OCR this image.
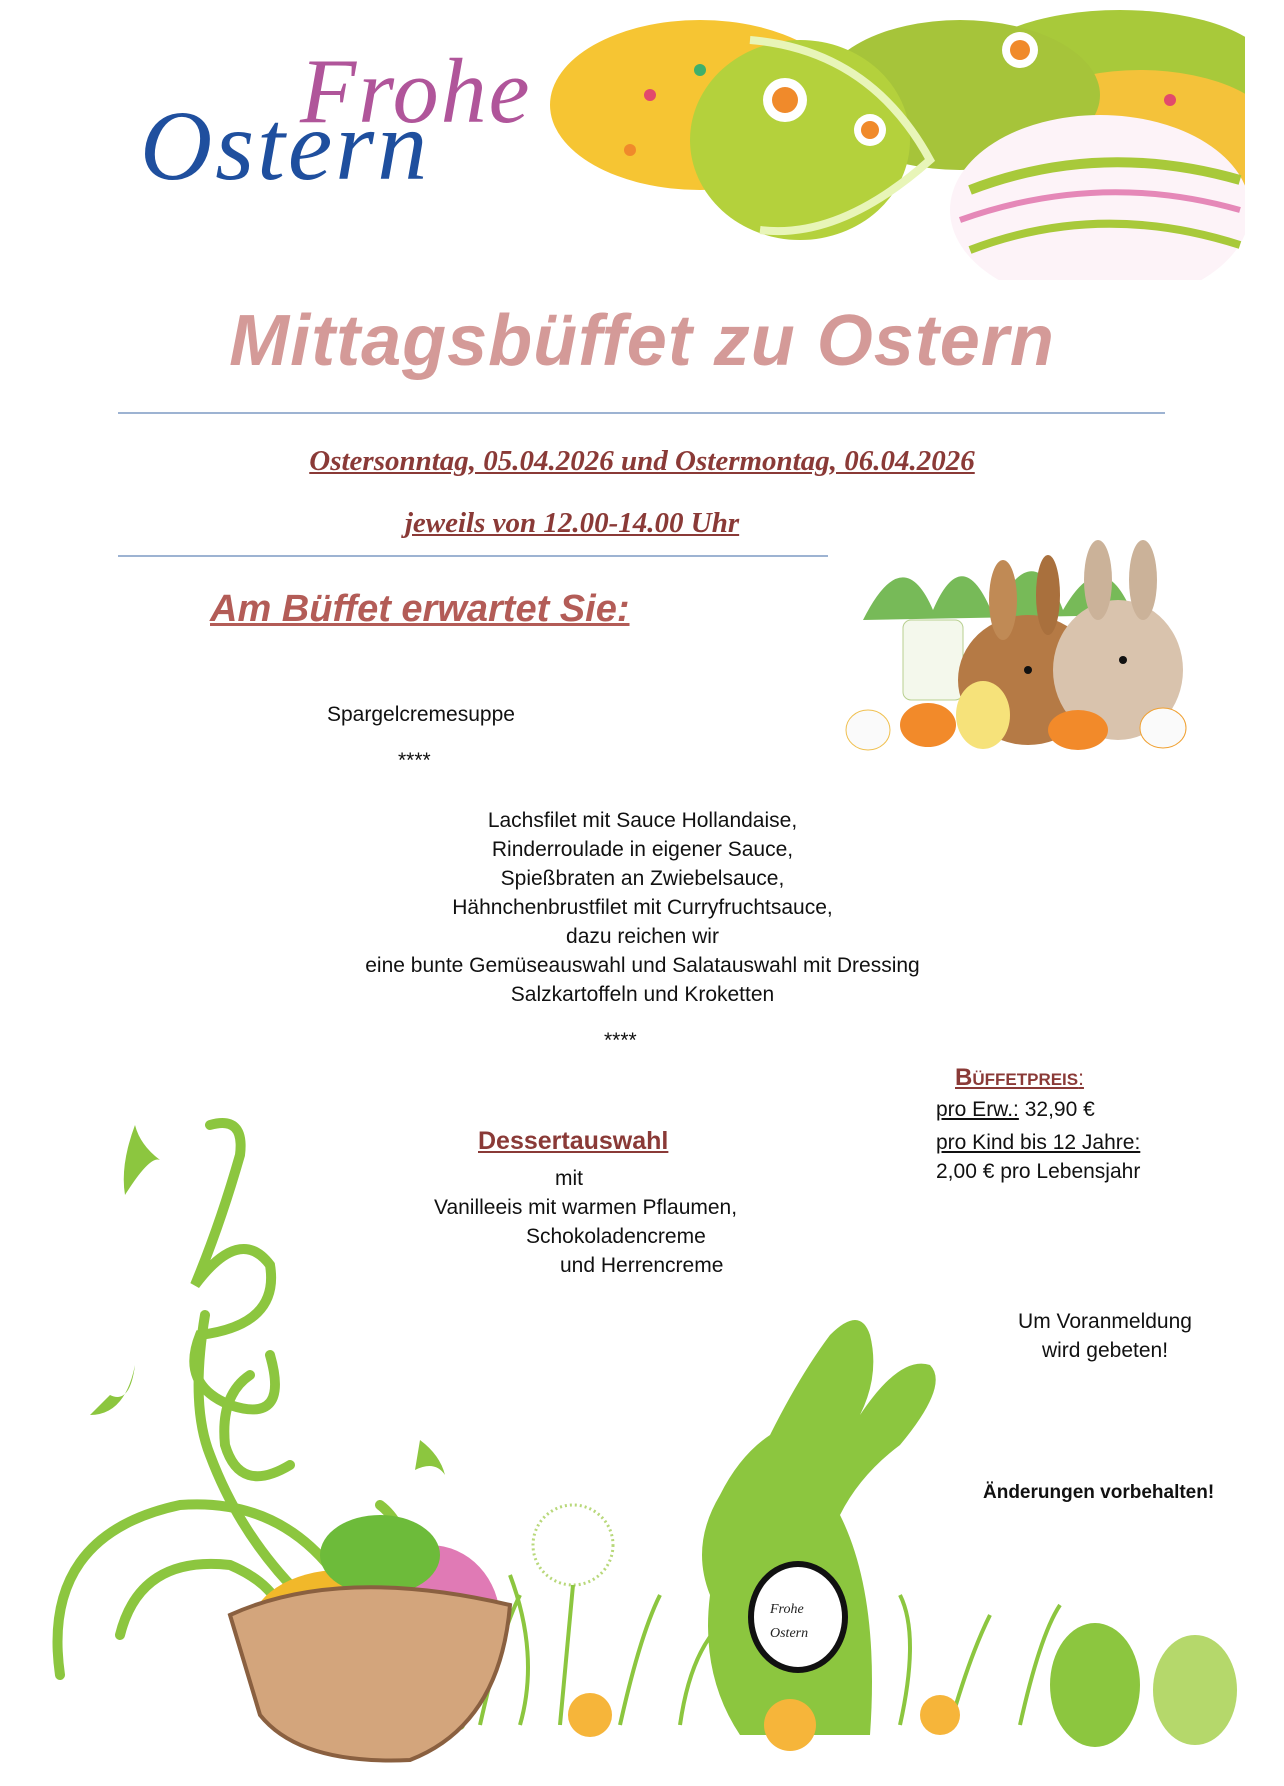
Frohe
Ostern
Mittagsbüffet zu Ostern
Ostersonntag, 05.04.2026 und Ostermontag, 06.04.2026
jeweils von 12.00-14.00 Uhr
Am Büffet erwartet Sie:
Spargelcremesuppe
****
Lachsfilet mit Sauce Hollandaise,
Rinderroulade in eigener Sauce,
Spießbraten an Zwiebelsauce,
Hähnchenbrustfilet mit Curryfruchtsauce,
dazu reichen wir
eine bunte Gemüseauswahl und Salatauswahl mit Dressing
Salzkartoffeln und Kroketten
****
Büffetpreis:
pro Erw.: 32,90 €
pro Kind bis 12 Jahre:
2,00 € pro Lebensjahr
Dessertauswahl
mit
Vanilleeis mit warmen Pflaumen,
Schokoladencreme
und Herrencreme
Um Voranmeldung
wird gebeten!
Änderungen vorbehalten!
Frohe
Ostern
